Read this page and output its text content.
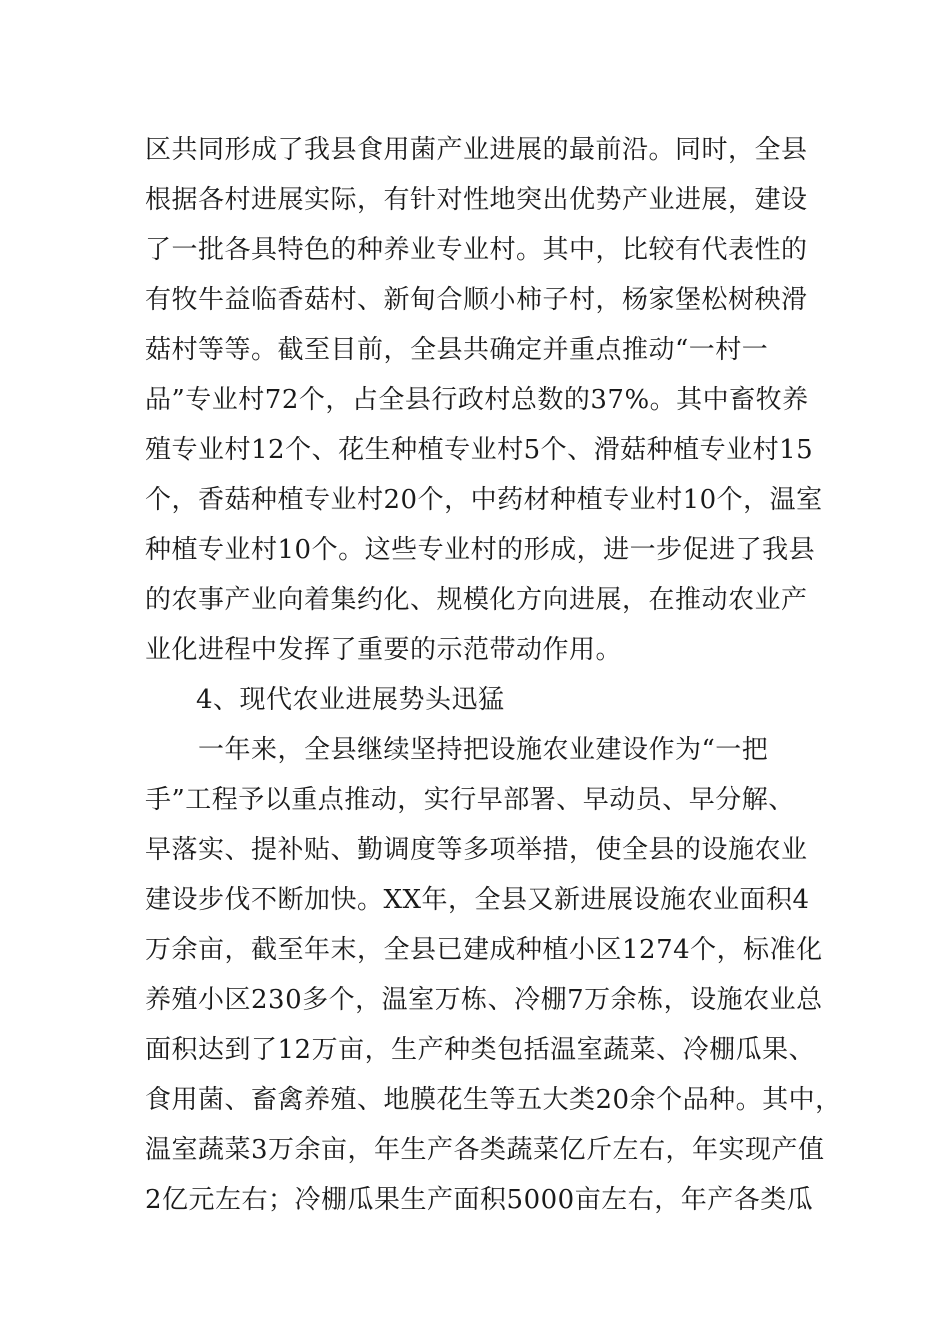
区共同形成了我县食用菌产业进展的最前沿。同时，全县
根据各村进展实际，有针对性地突出优势产业进展，建设
了一批各具特色的种养业专业村。其中，比较有代表性的
有牧牛益临香菇村、新甸合顺小柿子村，杨家堡松树秧滑
菇村等等。截至目前，全县共确定并重点推动“一村一
品”专业村72个，占全县行政村总数的37%。其中畜牧养
殖专业村12个、花生种植专业村5个、滑菇种植专业村15
个，香菇种植专业村20个，中药材种植专业村10个，温室
种植专业村10个。这些专业村的形成，进一步促进了我县
的农事产业向着集约化、规模化方向进展，在推动农业产
业化进程中发挥了重要的示范带动作用。
4、现代农业进展势头迅猛
一年来，全县继续坚持把设施农业建设作为“一把
手”工程予以重点推动，实行早部署、早动员、早分解、
早落实、提补贴、勤调度等多项举措，使全县的设施农业
建设步伐不断加快。XX年，全县又新进展设施农业面积4
万余亩，截至年末，全县已建成种植小区1274个，标准化
养殖小区230多个，温室万栋、冷棚7万余栋，设施农业总
面积达到了12万亩，生产种类包括温室蔬菜、冷棚瓜果、
食用菌、畜禽养殖、地膜花生等五大类20余个品种。其中，
温室蔬菜3万余亩，年生产各类蔬菜亿斤左右，年实现产值
2亿元左右；冷棚瓜果生产面积5000亩左右，年产各类瓜
